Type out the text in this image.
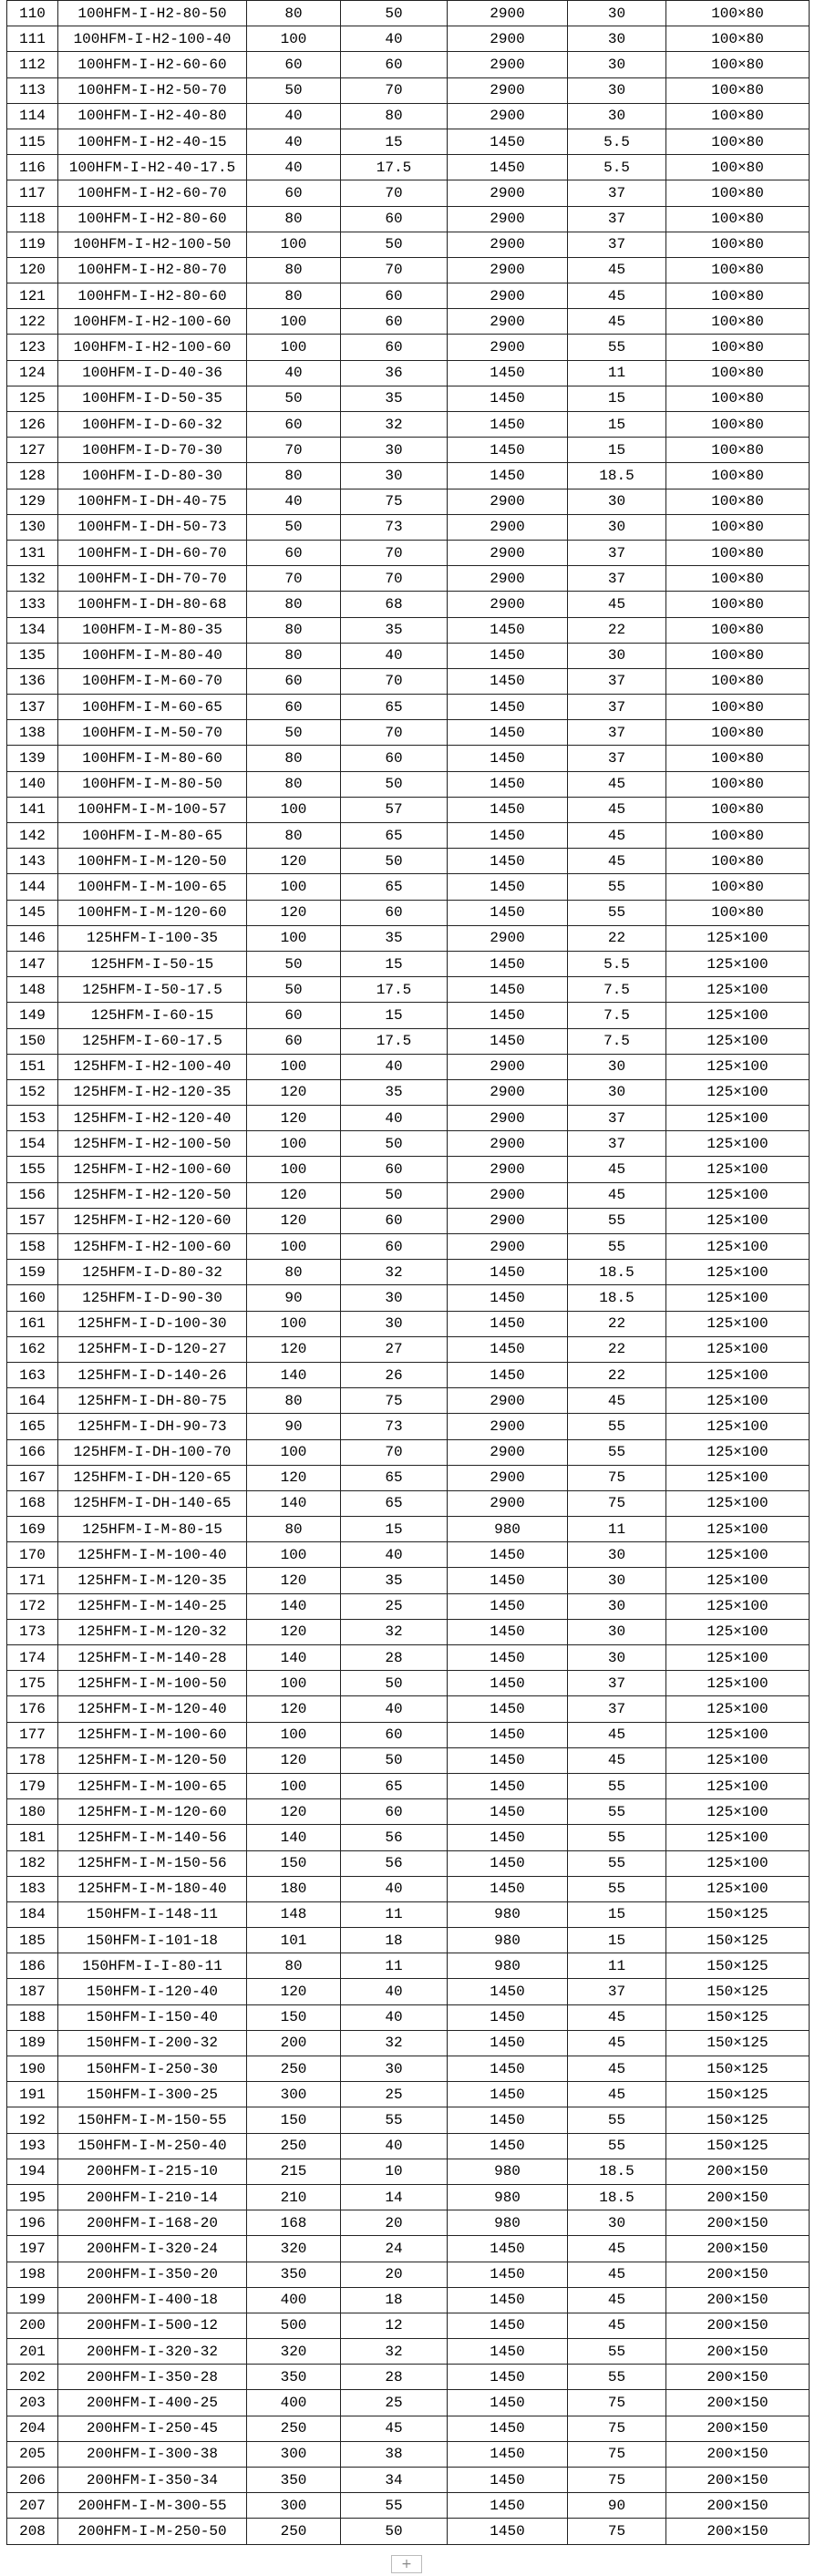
110	100HFM-I-H2-80-50	80	50	2900	30	100×80
111	100HFM-I-H2-100-40	100	40	2900	30	100×80
112	100HFM-I-H2-60-60	60	60	2900	30	100×80
113	100HFM-I-H2-50-70	50	70	2900	30	100×80
114	100HFM-I-H2-40-80	40	80	2900	30	100×80
115	100HFM-I-H2-40-15	40	15	1450	5.5	100×80
116	100HFM-I-H2-40-17.5	40	17.5	1450	5.5	100×80
117	100HFM-I-H2-60-70	60	70	2900	37	100×80
118	100HFM-I-H2-80-60	80	60	2900	37	100×80
119	100HFM-I-H2-100-50	100	50	2900	37	100×80
120	100HFM-I-H2-80-70	80	70	2900	45	100×80
121	100HFM-I-H2-80-60	80	60	2900	45	100×80
122	100HFM-I-H2-100-60	100	60	2900	45	100×80
123	100HFM-I-H2-100-60	100	60	2900	55	100×80
124	100HFM-I-D-40-36	40	36	1450	11	100×80
125	100HFM-I-D-50-35	50	35	1450	15	100×80
126	100HFM-I-D-60-32	60	32	1450	15	100×80
127	100HFM-I-D-70-30	70	30	1450	15	100×80
128	100HFM-I-D-80-30	80	30	1450	18.5	100×80
129	100HFM-I-DH-40-75	40	75	2900	30	100×80
130	100HFM-I-DH-50-73	50	73	2900	30	100×80
131	100HFM-I-DH-60-70	60	70	2900	37	100×80
132	100HFM-I-DH-70-70	70	70	2900	37	100×80
133	100HFM-I-DH-80-68	80	68	2900	45	100×80
134	100HFM-I-M-80-35	80	35	1450	22	100×80
135	100HFM-I-M-80-40	80	40	1450	30	100×80
136	100HFM-I-M-60-70	60	70	1450	37	100×80
137	100HFM-I-M-60-65	60	65	1450	37	100×80
138	100HFM-I-M-50-70	50	70	1450	37	100×80
139	100HFM-I-M-80-60	80	60	1450	37	100×80
140	100HFM-I-M-80-50	80	50	1450	45	100×80
141	100HFM-I-M-100-57	100	57	1450	45	100×80
142	100HFM-I-M-80-65	80	65	1450	45	100×80
143	100HFM-I-M-120-50	120	50	1450	45	100×80
144	100HFM-I-M-100-65	100	65	1450	55	100×80
145	100HFM-I-M-120-60	120	60	1450	55	100×80
146	125HFM-I-100-35	100	35	2900	22	125×100
147	125HFM-I-50-15	50	15	1450	5.5	125×100
148	125HFM-I-50-17.5	50	17.5	1450	7.5	125×100
149	125HFM-I-60-15	60	15	1450	7.5	125×100
150	125HFM-I-60-17.5	60	17.5	1450	7.5	125×100
151	125HFM-I-H2-100-40	100	40	2900	30	125×100
152	125HFM-I-H2-120-35	120	35	2900	30	125×100
153	125HFM-I-H2-120-40	120	40	2900	37	125×100
154	125HFM-I-H2-100-50	100	50	2900	37	125×100
155	125HFM-I-H2-100-60	100	60	2900	45	125×100
156	125HFM-I-H2-120-50	120	50	2900	45	125×100
157	125HFM-I-H2-120-60	120	60	2900	55	125×100
158	125HFM-I-H2-100-60	100	60	2900	55	125×100
159	125HFM-I-D-80-32	80	32	1450	18.5	125×100
160	125HFM-I-D-90-30	90	30	1450	18.5	125×100
161	125HFM-I-D-100-30	100	30	1450	22	125×100
162	125HFM-I-D-120-27	120	27	1450	22	125×100
163	125HFM-I-D-140-26	140	26	1450	22	125×100
164	125HFM-I-DH-80-75	80	75	2900	45	125×100
165	125HFM-I-DH-90-73	90	73	2900	55	125×100
166	125HFM-I-DH-100-70	100	70	2900	55	125×100
167	125HFM-I-DH-120-65	120	65	2900	75	125×100
168	125HFM-I-DH-140-65	140	65	2900	75	125×100
169	125HFM-I-M-80-15	80	15	980	11	125×100
170	125HFM-I-M-100-40	100	40	1450	30	125×100
171	125HFM-I-M-120-35	120	35	1450	30	125×100
172	125HFM-I-M-140-25	140	25	1450	30	125×100
173	125HFM-I-M-120-32	120	32	1450	30	125×100
174	125HFM-I-M-140-28	140	28	1450	30	125×100
175	125HFM-I-M-100-50	100	50	1450	37	125×100
176	125HFM-I-M-120-40	120	40	1450	37	125×100
177	125HFM-I-M-100-60	100	60	1450	45	125×100
178	125HFM-I-M-120-50	120	50	1450	45	125×100
179	125HFM-I-M-100-65	100	65	1450	55	125×100
180	125HFM-I-M-120-60	120	60	1450	55	125×100
181	125HFM-I-M-140-56	140	56	1450	55	125×100
182	125HFM-I-M-150-56	150	56	1450	55	125×100
183	125HFM-I-M-180-40	180	40	1450	55	125×100
184	150HFM-I-148-11	148	11	980	15	150×125
185	150HFM-I-101-18	101	18	980	15	150×125
186	150HFM-I-I-80-11	80	11	980	11	150×125
187	150HFM-I-120-40	120	40	1450	37	150×125
188	150HFM-I-150-40	150	40	1450	45	150×125
189	150HFM-I-200-32	200	32	1450	45	150×125
190	150HFM-I-250-30	250	30	1450	45	150×125
191	150HFM-I-300-25	300	25	1450	45	150×125
192	150HFM-I-M-150-55	150	55	1450	55	150×125
193	150HFM-I-M-250-40	250	40	1450	55	150×125
194	200HFM-I-215-10	215	10	980	18.5	200×150
195	200HFM-I-210-14	210	14	980	18.5	200×150
196	200HFM-I-168-20	168	20	980	30	200×150
197	200HFM-I-320-24	320	24	1450	45	200×150
198	200HFM-I-350-20	350	20	1450	45	200×150
199	200HFM-I-400-18	400	18	1450	45	200×150
200	200HFM-I-500-12	500	12	1450	45	200×150
201	200HFM-I-320-32	320	32	1450	55	200×150
202	200HFM-I-350-28	350	28	1450	55	200×150
203	200HFM-I-400-25	400	25	1450	75	200×150
204	200HFM-I-250-45	250	45	1450	75	200×150
205	200HFM-I-300-38	300	38	1450	75	200×150
206	200HFM-I-350-34	350	34	1450	75	200×150
207	200HFM-I-M-300-55	300	55	1450	90	200×150
208	200HFM-I-M-250-50	250	50	1450	75	200×150
+
